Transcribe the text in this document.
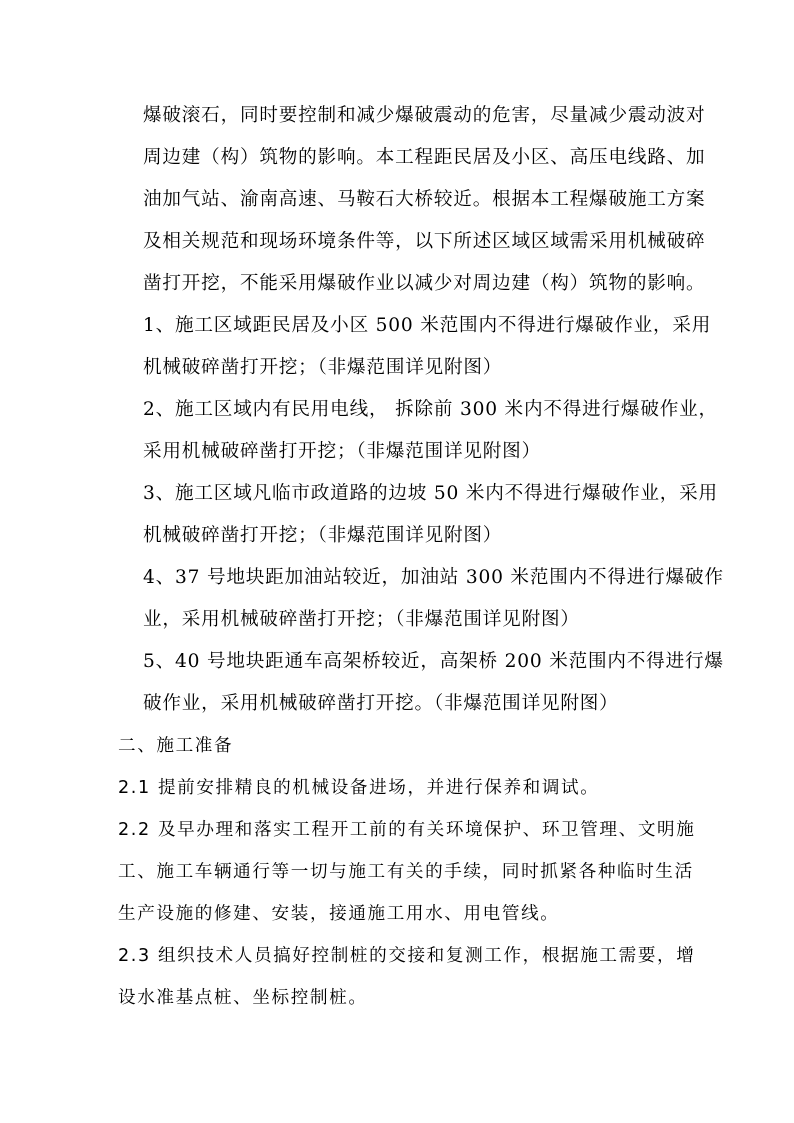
爆破滚石，同时要控制和减少爆破震动的危害，尽量减少震动波对
周边建（构）筑物的影响。本工程距民居及小区、高压电线路、加
油加气站、渝南高速、马鞍石大桥较近。根据本工程爆破施工方案
及相关规范和现场环境条件等，以下所述区域区域需采用机械破碎
凿打开挖，不能采用爆破作业以减少对周边建（构）筑物的影响。
1、施工区域距民居及小区 500 米范围内不得进行爆破作业，采用
机械破碎凿打开挖；（非爆范围详见附图）
2、施工区域内有民用电线， 拆除前 300 米内不得进行爆破作业，
采用机械破碎凿打开挖；（非爆范围详见附图）
3、施工区域凡临市政道路的边坡 50 米内不得进行爆破作业，采用
机械破碎凿打开挖；（非爆范围详见附图）
4、37 号地块距加油站较近，加油站 300 米范围内不得进行爆破作
业，采用机械破碎凿打开挖；（非爆范围详见附图）
5、40 号地块距通车高架桥较近，高架桥 200 米范围内不得进行爆
破作业，采用机械破碎凿打开挖。（非爆范围详见附图）
二、施工准备
2.1 提前安排精良的机械设备进场，并进行保养和调试。
2.2 及早办理和落实工程开工前的有关环境保护、环卫管理、文明施
工、施工车辆通行等一切与施工有关的手续，同时抓紧各种临时生活
生产设施的修建、安装，接通施工用水、用电管线。
2.3 组织技术人员搞好控制桩的交接和复测工作，根据施工需要，增
设水准基点桩、坐标控制桩。
